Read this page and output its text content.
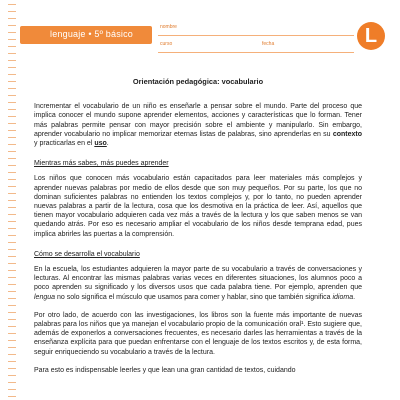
lenguaje • 5º básico
nombre
curso	fecha	L
Orientación pedagógica: vocabulario

Incrementar el vocabulario de un niño es enseñarle a pensar sobre el mundo. Parte del proceso que implica conocer el mundo supone aprender elementos, acciones y características que lo forman. Tener más palabras permite pensar con mayor precisión sobre el ambiente y manipularlo. Sin embargo, aprender vocabulario no implicar memorizar eternas listas de palabras, sino aprenderlas en su contexto y practicarlas en el uso.

Mientras más sabes, más puedes aprender

Los niños que conocen más vocabulario están capacitados para leer materiales más complejos y aprender nuevas palabras por medio de ellos desde que son muy pequeños. Por su parte, los que no dominan suficientes palabras no entienden los textos complejos y, por lo tanto, no pueden aprender nuevas palabras a partir de la lectura, cosa que los desmotiva en la práctica de leer. Así, aquellos que tienen mayor vocabulario adquieren cada vez más a través de la lectura y los que saben menos se van quedando atrás. Por eso es necesario ampliar el vocabulario de los niños desde temprana edad, pues implica abrirles las puertas a la comprensión.

Cómo se desarrolla el vocabulario

En la escuela, los estudiantes adquieren la mayor parte de su vocabulario a través de conversaciones y lecturas. Al encontrar las mismas palabras varias veces en diferentes situaciones, los alumnos poco a poco aprenden su significado y los diversos usos que cada palabra tiene. Por ejemplo, aprenden que lengua no solo significa el músculo que usamos para comer y hablar, sino que también significa idioma.

Por otro lado, de acuerdo con las investigaciones, los libros son la fuente más importante de nuevas palabras para los niños que ya manejan el vocabulario propio de la comunicación oral¹. Esto sugiere que, además de exponerlos a conversaciones frecuentes, es necesario darles las herramientas a través de la enseñanza explícita para que puedan enfrentarse con el lenguaje de los textos escritos y, de esta forma, seguir enriqueciendo su vocabulario a través de la lectura.

Para esto es indispensable leerles y que lean una gran cantidad de textos, cuidando
